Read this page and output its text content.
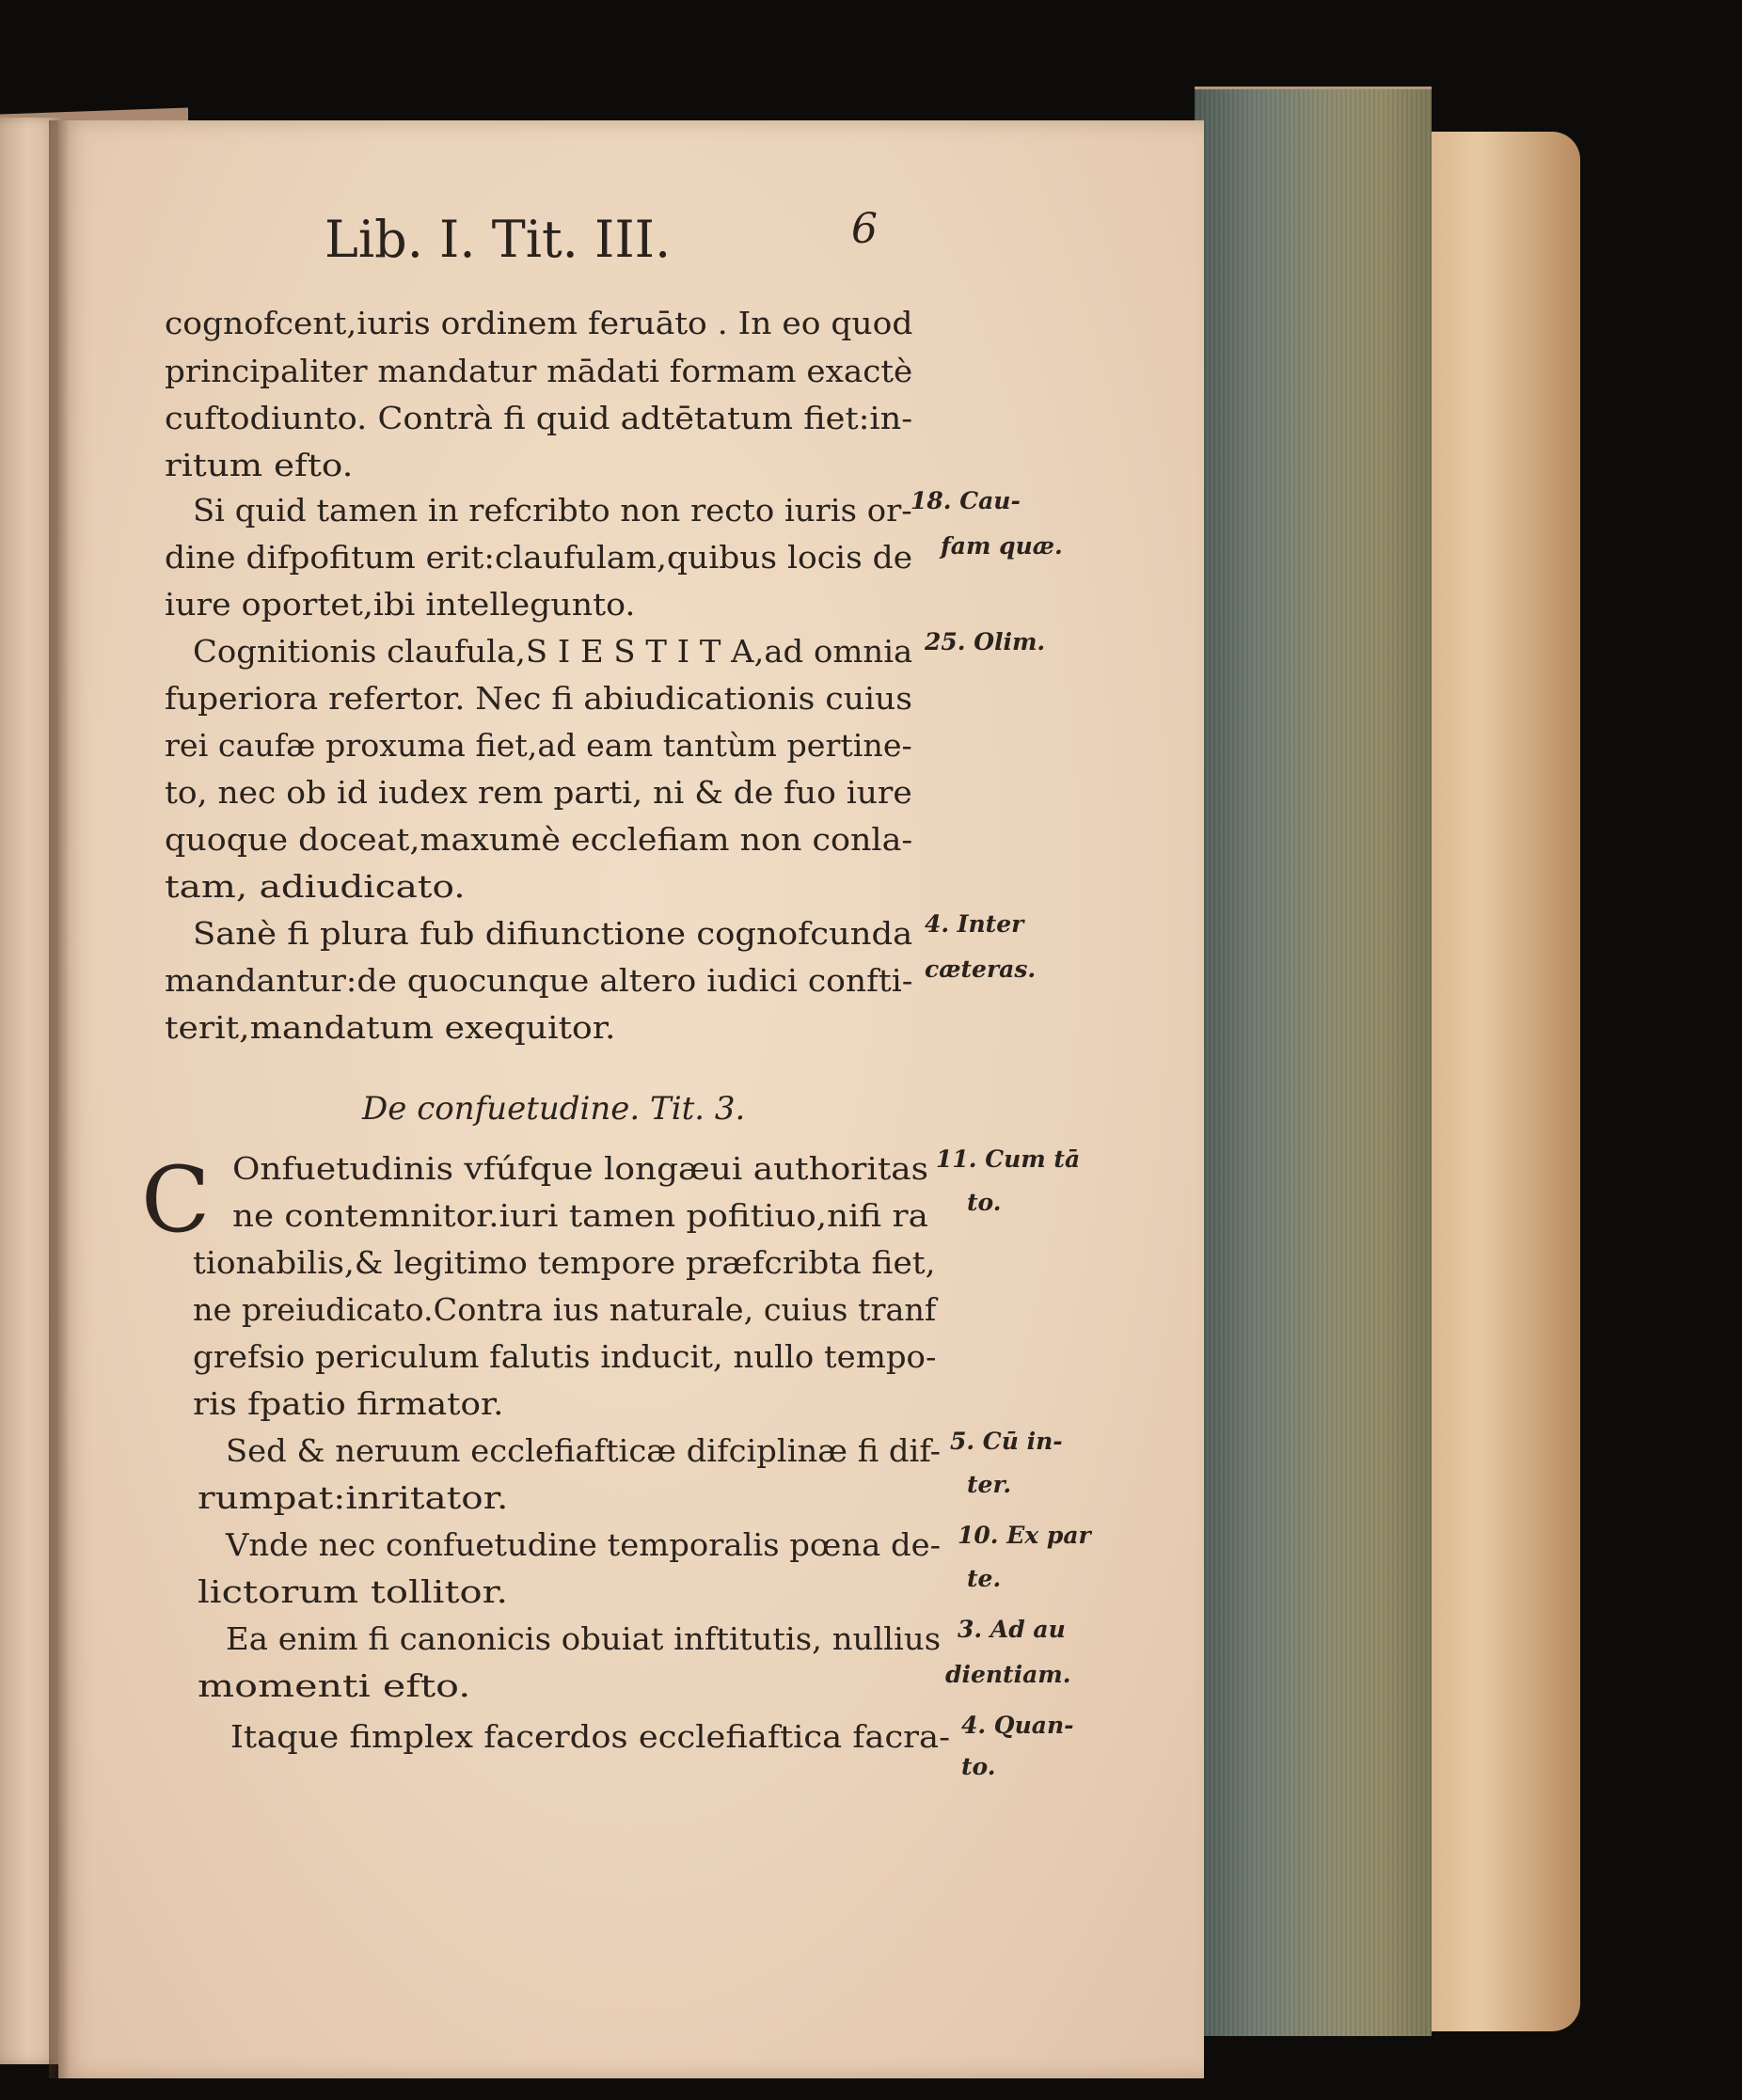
Lib. I. Tit. III.	6
cognofcent,iuris ordinem feruāto . In eo quod
principaliter mandatur mādati formam exactè
cuftodiunto. Contrà fi quid adtētatum fiet:in-
ritum efto.
Si quid tamen in refcribto non recto iuris or-
dine difpofitum erit:claufulam,quibus locis de
iure oportet,ibi intellegunto.
Cognitionis claufula,S I E S T I T A,ad omnia
fuperiora refertor. Nec fi abiudicationis cuius
rei caufæ proxuma fiet,ad eam tantùm pertine-
to, nec ob id iudex rem parti, ni & de fuo iure
quoque doceat,maxumè ecclefiam non conla-
tam, adiudicato.
Sanè fi plura fub difiunctione cognofcunda
mandantur:de quocunque altero iudici confti-
terit,mandatum exequitor.
De confuetudine. Tit. 3.
C Onfuetudinis vfúfque longæui authoritas
ne contemnitor.iuri tamen pofitiuo,nifi ra
tionabilis,& legitimo tempore præfcribta fiet,
ne preiudicato.Contra ius naturale, cuius tranf
grefsio periculum falutis inducit, nullo tempo-
ris fpatio firmator.
Sed & neruum ecclefiafticæ difciplinæ fi dif-
rumpat:inritator.
Vnde nec confuetudine temporalis pœna de-
lictorum tollitor.
Ea enim fi canonicis obuiat inftitutis, nullius
momenti efto.
Itaque fimplex facerdos ecclefiaftica facra-
18. Cau-
fam quæ.
25. Olim.
4. Inter
cæteras.
11. Cum tā
to.
5. Cū in-
ter.
10. Ex par
te.
3. Ad au
dientiam.
4. Quan-
to.
